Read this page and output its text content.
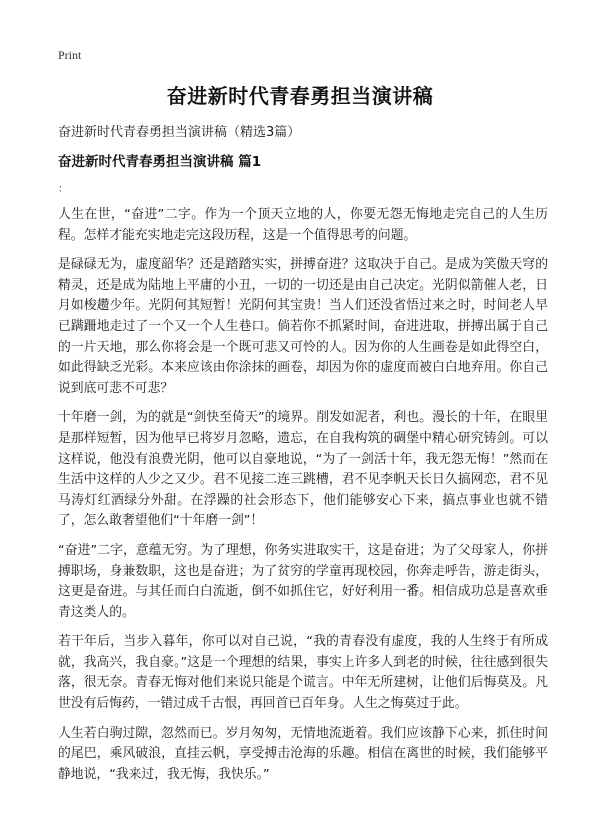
Print
奋进新时代青春勇担当演讲稿

奋进新时代青春勇担当演讲稿（精选3篇）

奋进新时代青春勇担当演讲稿 篇1
：

人生在世，“奋进”二字。作为一个顶天立地的人，你要无怨无悔地走完自己的人生历程。怎样才能充实地走完这段历程，这是一个值得思考的问题。

是碌碌无为，虚度韶华？还是踏踏实实，拼搏奋进？这取决于自己。是成为笑傲天穹的精灵，还是成为陆地上平庸的小丑，一切的一切还是由自己决定。光阴似箭催人老，日月如梭趱少年。光阴何其短暂！光阴何其宝贵！当人们还没省悟过来之时，时间老人早已蹒跚地走过了一个又一个人生巷口。倘若你不抓紧时间，奋进进取，拼搏出属于自己的一片天地，那么你将会是一个既可悲又可怜的人。因为你的人生画卷是如此得空白，如此得缺乏光彩。本来应该由你涂抹的画卷，却因为你的虚度而被白白地弃用。你自己说到底可悲不可悲？

十年磨一剑，为的就是“剑快至倚天”的境界。削发如泥者，利也。漫长的十年，在眼里是那样短暂，因为他早已将岁月忽略，遗忘，在自我构筑的碉堡中精心研究铸剑。可以这样说，他没有浪费光阴，他可以自豪地说，“为了一剑活十年，我无怨无悔！”然而在生活中这样的人少之又少。君不见接二连三跳槽，君不见李帆天长日久搞网恋，君不见马涛灯红酒绿分外甜。在浮躁的社会形态下，他们能够安心下来，搞点事业也就不错了，怎么敢奢望他们“十年磨一剑”！

“奋进”二字，意蕴无穷。为了理想，你务实进取实干，这是奋进；为了父母家人，你拼搏职场，身兼数职，这也是奋进；为了贫穷的学童再现校园，你奔走呼告，游走街头，这更是奋进。与其任而白白流逝，倒不如抓住它，好好利用一番。相信成功总是喜欢垂青这类人的。

若干年后，当步入暮年，你可以对自己说，“我的青春没有虚度，我的人生终于有所成就，我高兴，我自豪。”这是一个理想的结果，事实上许多人到老的时候，往往感到很失落，很无奈。青春无悔对他们来说只能是个谎言。中年无所建树，让他们后悔莫及。凡世没有后悔药，一错过成千古恨，再回首已百年身。人生之悔莫过于此。

人生若白驹过隙，忽然而已。岁月匆匆，无情地流逝着。我们应该静下心来，抓住时间的尾巴，乘风破浪，直挂云帆，享受搏击沧海的乐趣。相信在离世的时候，我们能够平静地说，“我来过，我无悔，我快乐。”
